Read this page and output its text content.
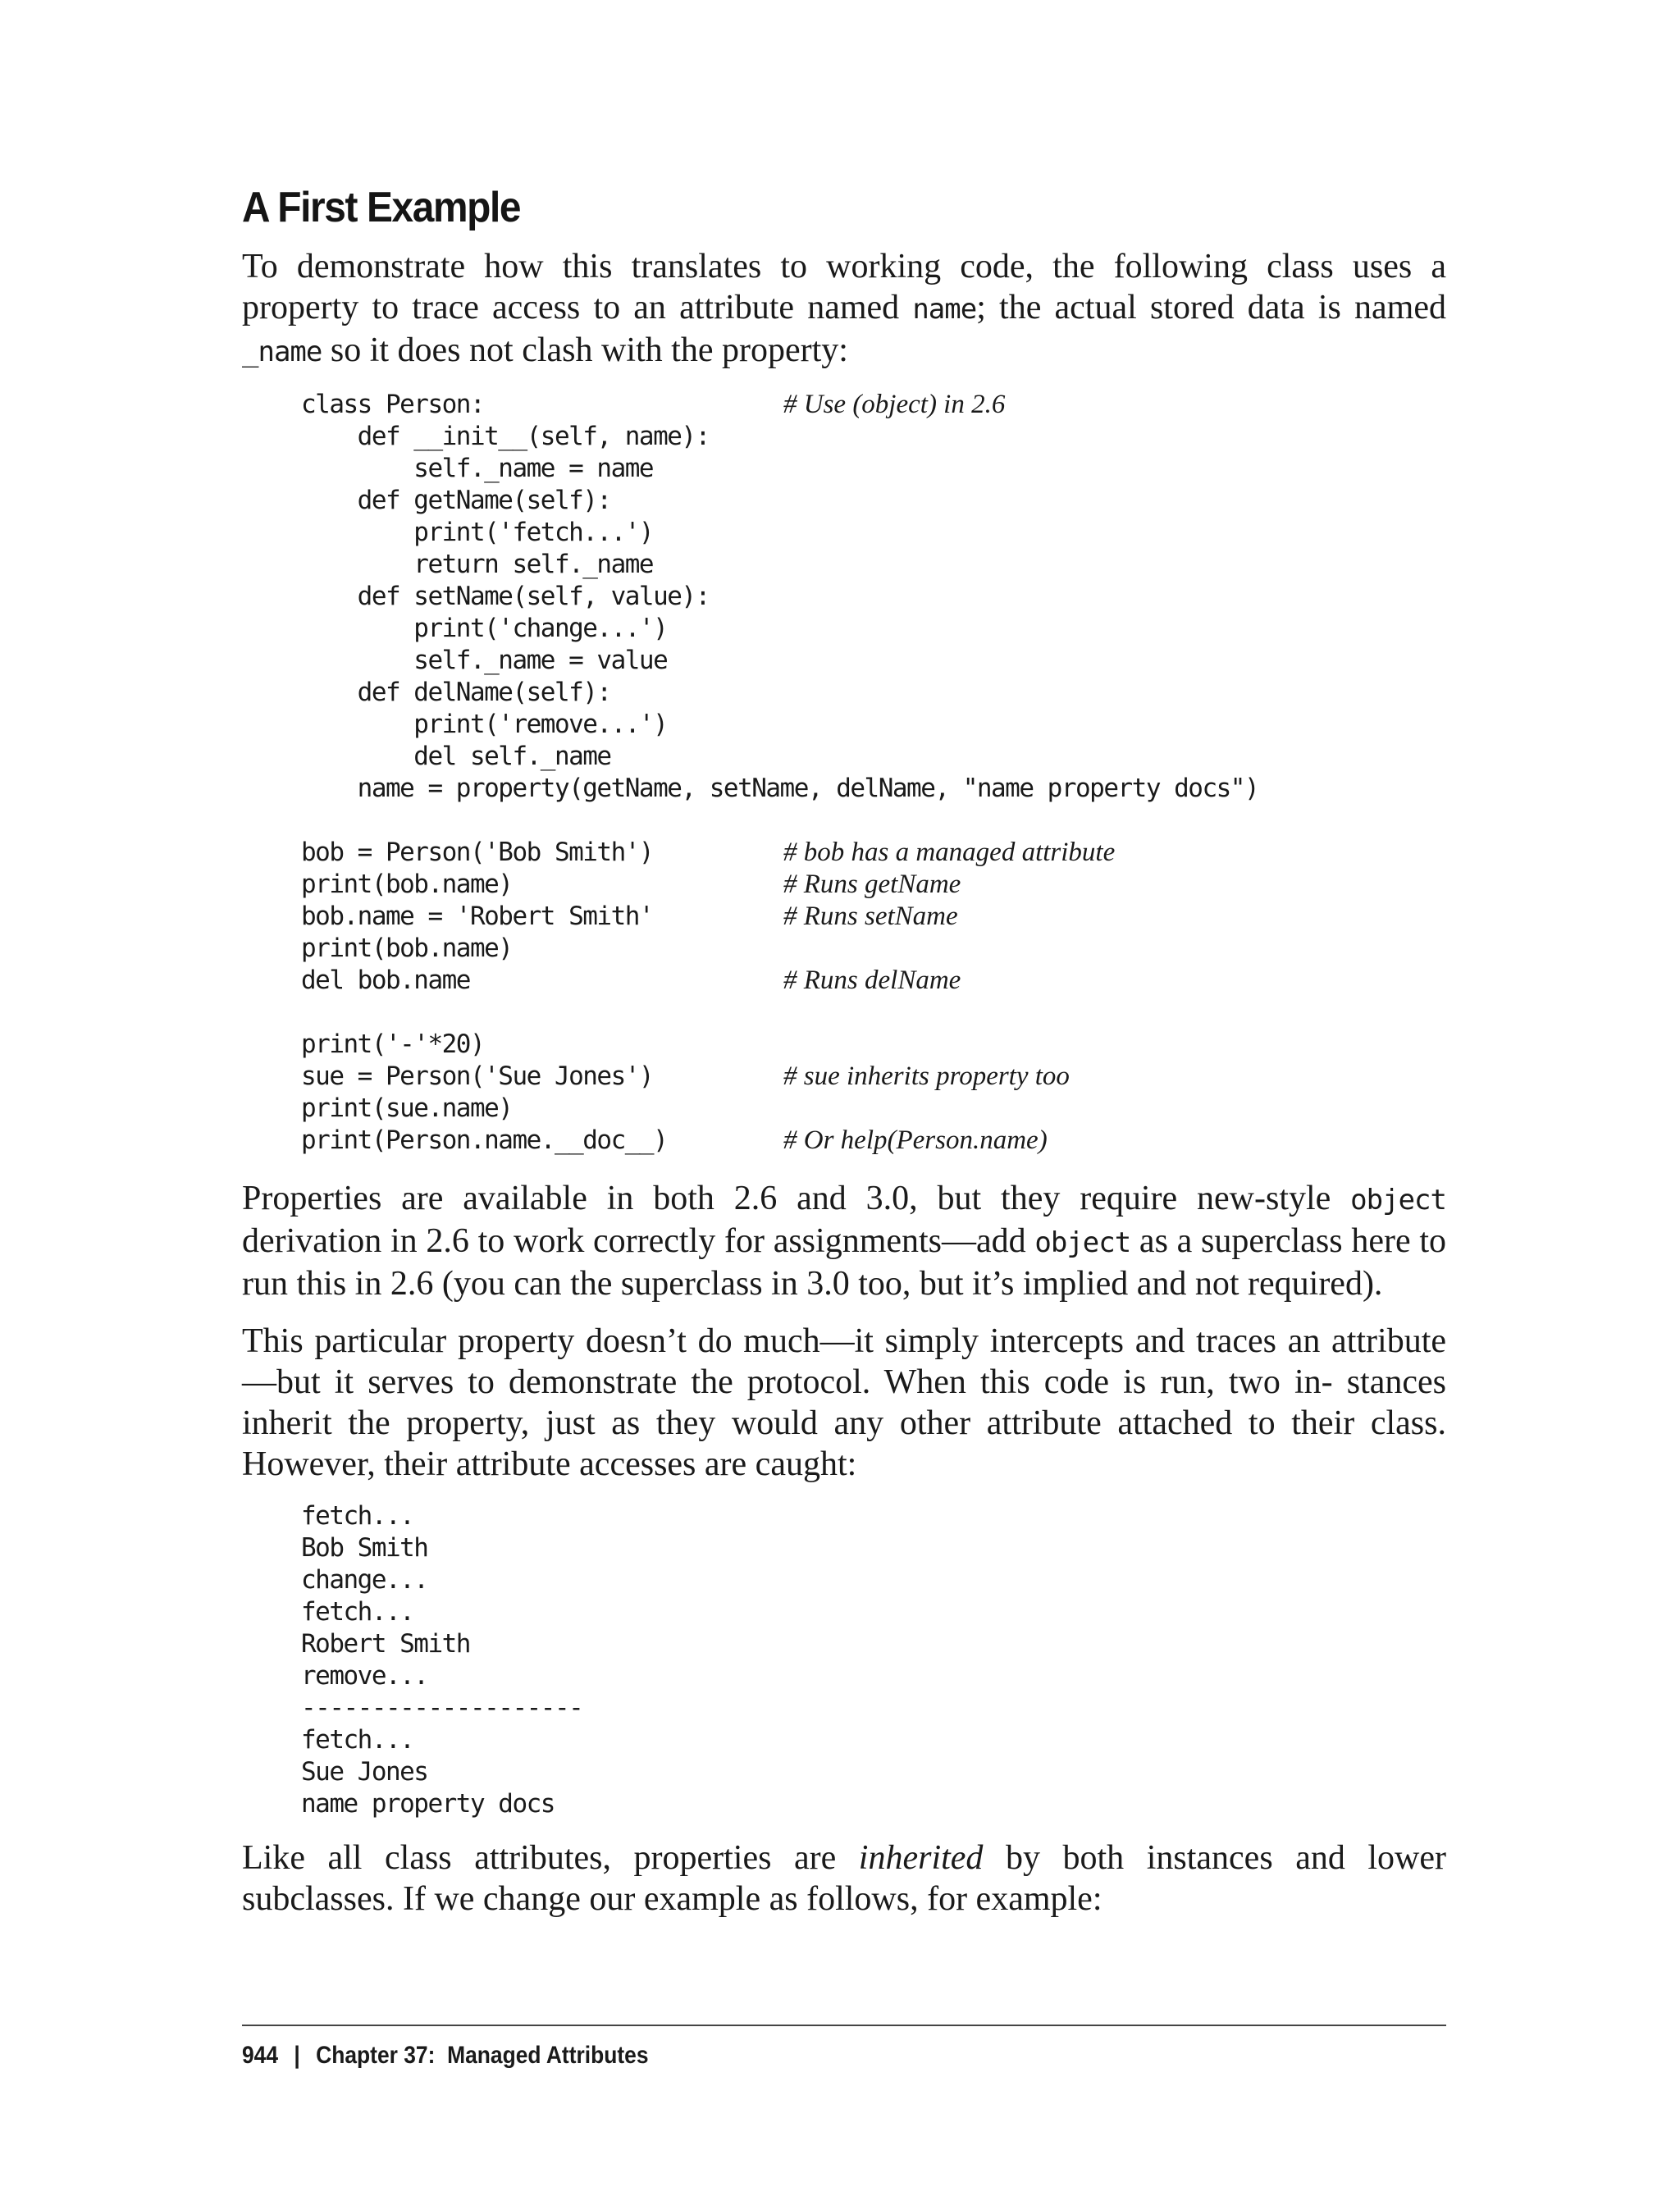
A First Example

To demonstrate how this translates to working code, the following class uses a property to trace access to an attribute named name; the actual stored data is named _name so it does not clash with the property:

class Person:	# Use (object) in 2.6
def __init__(self, name):
self._name = name
def getName(self):
print('fetch...')
return self._name
def setName(self, value):
print('change...')
self._name = value
def delName(self):
print('remove...')
del self._name
name = property(getName, setName, delName, "name property docs")
bob = Person('Bob Smith')	# bob has a managed attribute
print(bob.name)	# Runs getName
bob.name = 'Robert Smith'	# Runs setName
print(bob.name)
del bob.name	# Runs delName
print('-'*20)
sue = Person('Sue Jones')	# sue inherits property too
print(sue.name)
print(Person.name.__doc__)	# Or help(Person.name)

Properties are available in both 2.6 and 3.0, but they require new-style object derivation in 2.6 to work correctly for assignments—add object as a superclass here to run this in 2.6 (you can the superclass in 3.0 too, but it’s implied and not required).

This particular property doesn’t do much—it simply intercepts and traces an attribute—but it serves to demonstrate the protocol. When this code is run, two in- stances inherit the property, just as they would any other attribute attached to their class. However, their attribute accesses are caught:

fetch...
Bob Smith
change...
fetch...
Robert Smith
remove...
--------------------
fetch...
Sue Jones
name property docs

Like all class attributes, properties are inherited by both instances and lower subclasses. If we change our example as follows, for example:

944 | Chapter 37:  Managed Attributes
